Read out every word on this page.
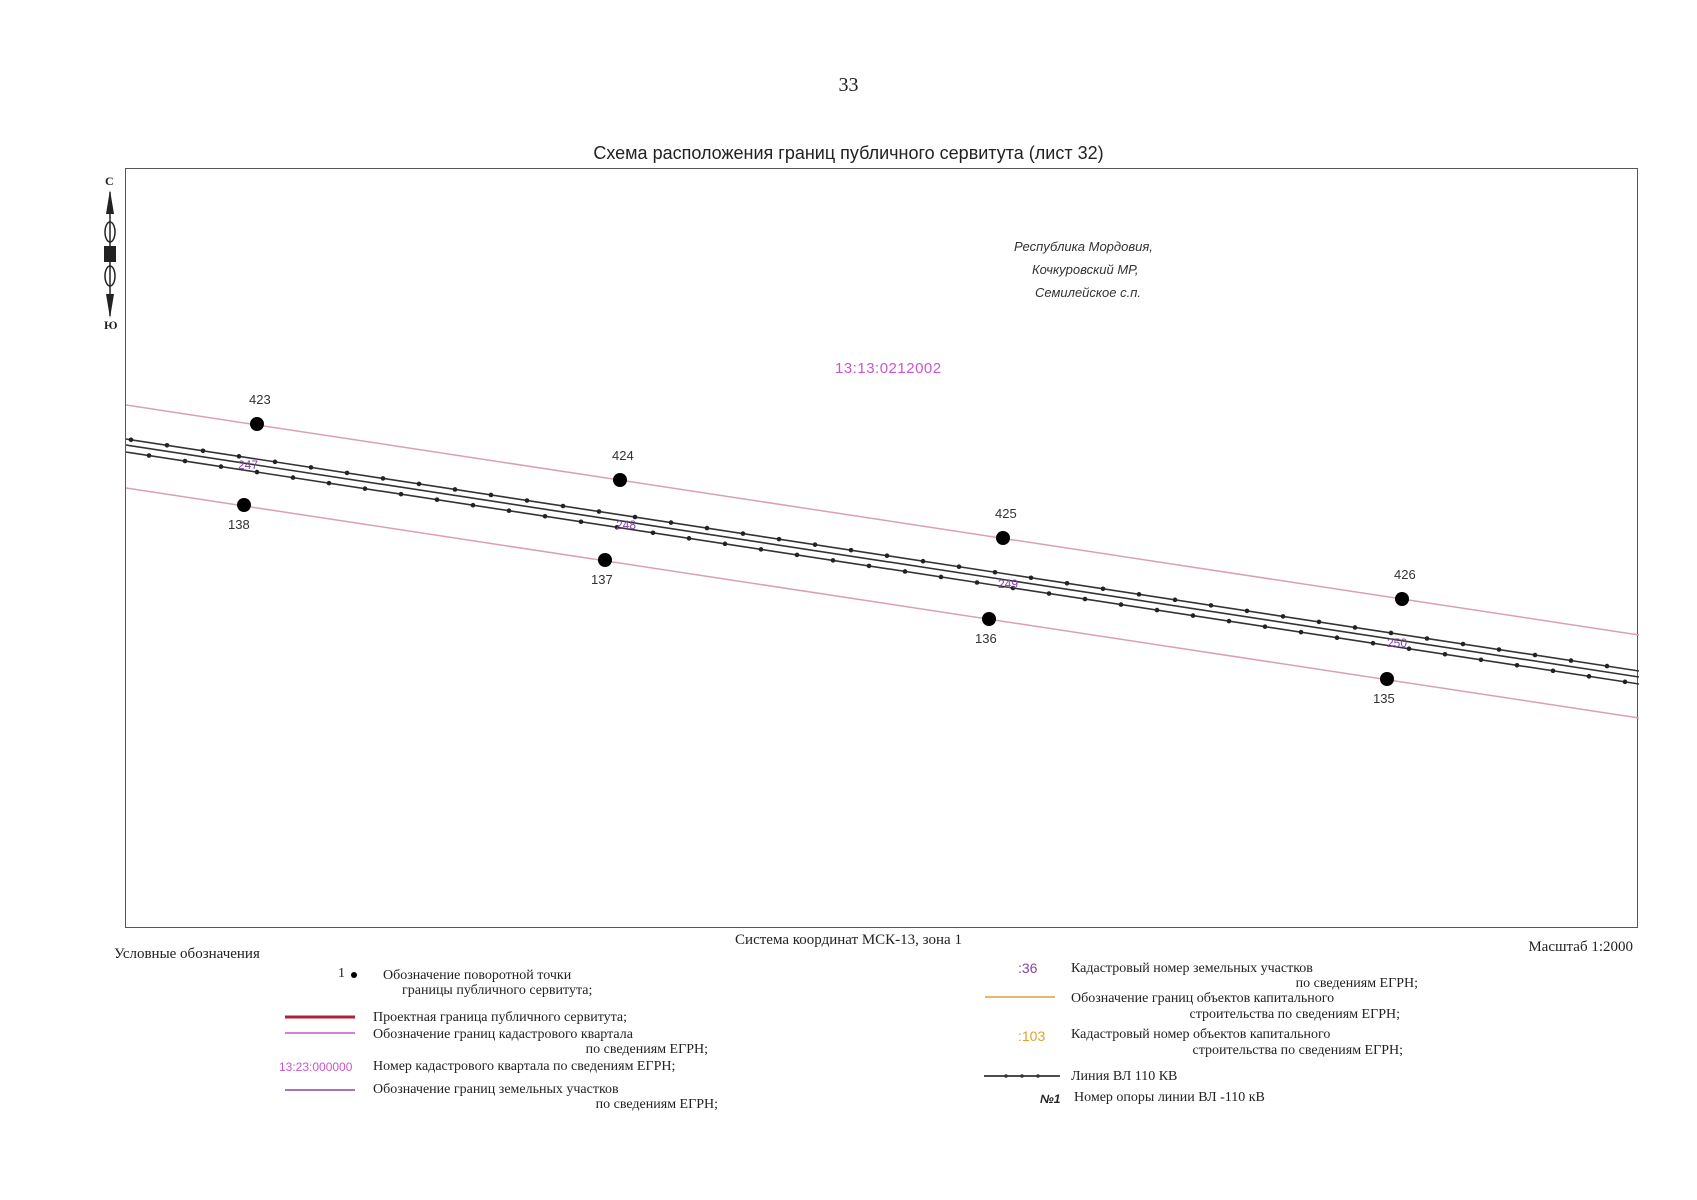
33
Схема расположения границ публичного сервитута (лист 32)
С
Ю
423
424
425
426
138
137
136
135
247
248
249
250
Республика Мордовия,
Кочкуровский МР,
Семилейское с.п.
13:13:0212002
Система координат МСК-13, зона 1	Масштаб 1:2000
Условные обозначения
1	Обозначение поворотной точки
границы публичного сервитута;
Проектная граница публичного сервитута;
Обозначение границ кадастрового квартала
по сведениям ЕГРН;
13:23:000000 Номер кадастрового квартала по сведениям ЕГРН;
Обозначение границ земельных участков
по сведениям ЕГРН;
:36 Кадастровый номер земельных участков
по сведениям ЕГРН;
Обозначение границ объектов капитального
строительства по сведениям ЕГРН;
:103 Кадастровый номер объектов капитального
строительства по сведениям ЕГРН;
Линия ВЛ 110 КВ
№1 Номер опоры линии ВЛ -110 кВ
